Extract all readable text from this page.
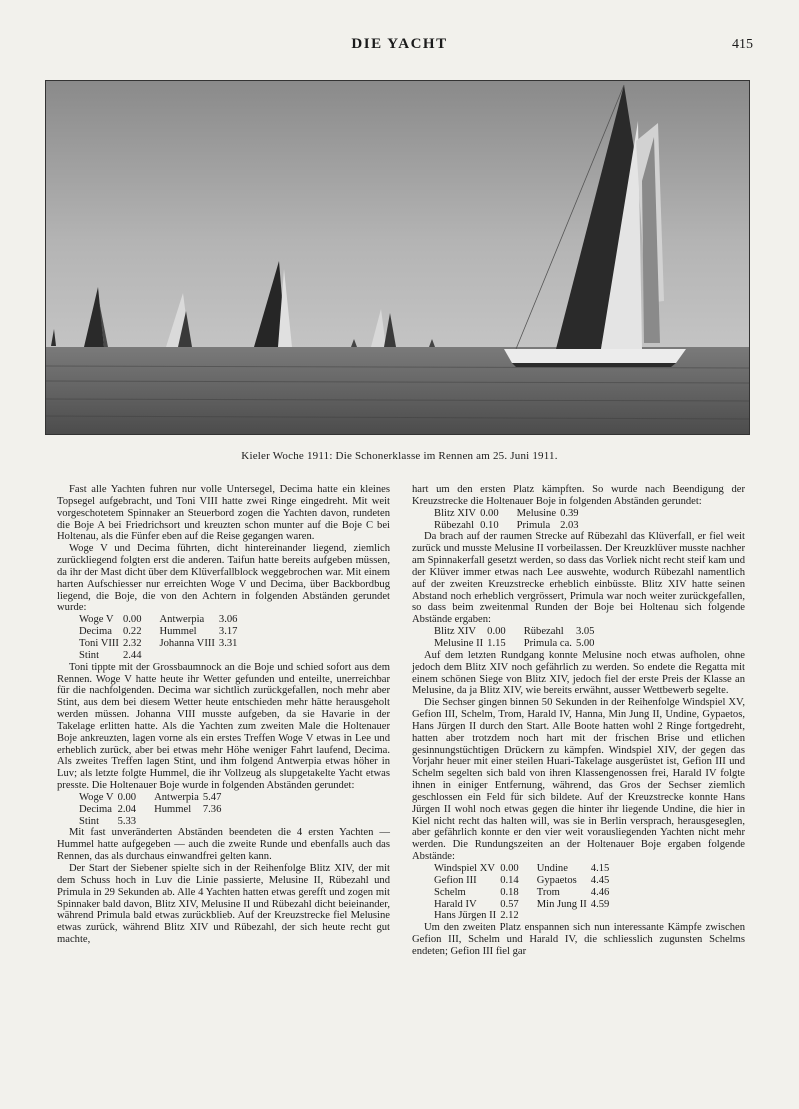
DIE YACHT	415
Kieler Woche 1911: Die Schonerklasse im Rennen am 25. Juni 1911.

Fast alle Yachten fuhren nur volle Untersegel, Decima hatte ein kleines Topsegel aufgebracht, und Toni VIII hatte zwei Ringe eingedreht. Mit weit vorgeschotetem Spinnaker an Steuerbord zogen die Yachten davon, rundeten die Boje A bei Friedrichsort und kreuzten schon munter auf die Boje C bei Holtenau, als die Fünfer eben auf die Reise gegangen waren.

Woge V und Decima führten, dicht hintereinander liegend, ziemlich zurückliegend folgten erst die anderen. Taifun hatte bereits aufgeben müssen, da ihr der Mast dicht über dem Klüverfallblock weggebrochen war. Mit einem harten Aufschiesser nur erreichten Woge V und Decima, über Backbordbug liegend, die Boje, die von den Achtern in folgenden Abständen gerundet wurde:

Woge V	0.00	Antwerpia	3.06
Decima	0.22	Hummel	3.17
Toni VIII	2.32	Johanna VIII	3.31
Stint	2.44		

Toni tippte mit der Grossbaumnock an die Boje und schied sofort aus dem Rennen. Woge V hatte heute ihr Wetter gefunden und enteilte, unerreichbar für die nachfolgenden. Decima war sichtlich zurückgefallen, noch mehr aber Stint, aus dem bei diesem Wetter heute entschieden mehr hätte herausgeholt werden müssen. Johanna VIII musste aufgeben, da sie Havarie in der Takelage erlitten hatte. Als die Yachten zum zweiten Male die Holtenauer Boje ankreuzten, lagen vorne als ein erstes Treffen Woge V etwas in Lee und erheblich zurück, aber bei etwas mehr Höhe weniger Fahrt laufend, Decima. Als zweites Treffen lagen Stint, und ihm folgend Antwerpia etwas höher in Luv; als letzte folgte Hummel, die ihr Vollzeug als slupgetakelte Yacht etwas presste. Die Holtenauer Boje wurde in folgenden Abständen gerundet:

Woge V	0.00	Antwerpia	5.47
Decima	2.04	Hummel	7.36
Stint	5.33		

Mit fast unveränderten Abständen beendeten die 4 ersten Yachten — Hummel hatte aufgegeben — auch die zweite Runde und ebenfalls auch das Rennen, das als durchaus einwandfrei gelten kann.

Der Start der Siebener spielte sich in der Reihenfolge Blitz XIV, der mit dem Schuss hoch in Luv die Linie passierte, Melusine II, Rübezahl und Primula in 29 Sekunden ab. Alle 4 Yachten hatten etwas gerefft und zogen mit Spinnaker bald davon, Blitz XIV, Melusine II und Rübezahl dicht beieinander, während Primula bald etwas zurückblieb. Auf der Kreuzstrecke fiel Melusine etwas zurück, während Blitz XIV und Rübezahl, der sich heute recht gut machte,

hart um den ersten Platz kämpften. So wurde nach Beendigung der Kreuzstrecke die Holtenauer Boje in folgenden Abständen gerundet:

Blitz XIV	0.00	Melusine	0.39
Rübezahl	0.10	Primula	2.03

Da brach auf der raumen Strecke auf Rübezahl das Klüverfall, er fiel weit zurück und musste Melusine II vorbeilassen. Der Kreuzklüver musste nachher am Spinnakerfall gesetzt werden, so dass das Vorliek nicht recht steif kam und der Klüver immer etwas nach Lee auswehte, wodurch Rübezahl namentlich auf der zweiten Kreuzstrecke erheblich einbüsste. Blitz XIV hatte seinen Abstand noch erheblich vergrössert, Primula war noch weiter zurückgefallen, so dass beim zweitenmal Runden der Boje bei Holtenau sich folgende Abstände ergaben:

Blitz XIV	0.00	Rübezahl	3.05
Melusine II	1.15	Primula ca.	5.00

Auf dem letzten Rundgang konnte Melusine noch etwas aufholen, ohne jedoch dem Blitz XIV noch gefährlich zu werden. So endete die Regatta mit einem schönen Siege von Blitz XIV, jedoch fiel der erste Preis der Klasse an Melusine, da ja Blitz XIV, wie bereits erwähnt, ausser Wettbewerb segelte.

Die Sechser gingen binnen 50 Sekunden in der Reihenfolge Windspiel XV, Gefion III, Schelm, Trom, Harald IV, Hanna, Min Jung II, Undine, Gypaetos, Hans Jürgen II durch den Start. Alle Boote hatten wohl 2 Ringe fortgedreht, hatten aber trotzdem noch hart mit der frischen Brise und etlichen gesinnungstüchtigen Drückern zu kämpfen. Windspiel XIV, der gegen das Vorjahr heuer mit einer steilen Huari-Takelage ausgerüstet ist, Gefion III und Schelm segelten sich bald von ihren Klassengenossen frei, Harald IV folgte ihnen in einiger Entfernung, während, das Gros der Sechser ziemlich geschlossen ein Feld für sich bildete. Auf der Kreuzstrecke konnte Hans Jürgen II wohl noch etwas gegen die hinter ihr liegende Undine, die hier in Kiel nicht recht das halten will, was sie in Berlin versprach, herausgeseglen, aber gefährlich konnte er den vier weit vorausliegenden Yachten nicht mehr werden. Die Rundungszeiten an der Holtenauer Boje ergaben folgende Abstände:

Windspiel XV	0.00	Undine	4.15
Gefion III	0.14	Gypaetos	4.45
Schelm	0.18	Trom	4.46
Harald IV	0.57	Min Jung II	4.59
Hans Jürgen II	2.12		

Um den zweiten Platz enspannen sich nun interessante Kämpfe zwischen Gefion III, Schelm und Harald IV, die schliesslich zugunsten Schelms endeten; Gefion III fiel gar
